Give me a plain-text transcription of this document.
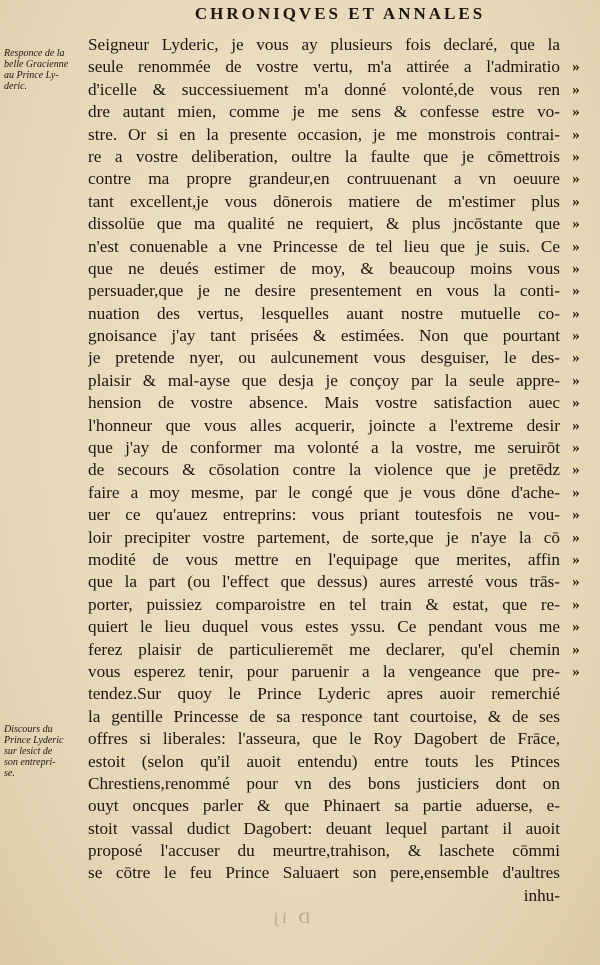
CHRONIQVES ET ANNALES
Responce de la
belle Gracienne
au Prince Ly-
deric.
Discours du
Prince Lyderic
sur lesict de
son entrepri-
se.
Seigneur Lyderic, je vous ay plusieurs fois declaré, que la
seule renommée de vostre vertu, m'a attirée a l'admiratio
d'icelle & successiuement m'a donné volonté,de vous ren
dre autant mien, comme je me sens & confesse estre vo-
stre. Or si en la presente occasion, je me monstrois contrai-
re a vostre deliberation, oultre la faulte que je cōmettrois
contre ma propre grandeur,en contruuenant a vn oeuure
tant excellent,je vous dōnerois matiere de m'estimer plus
dissolüe que ma qualité ne requiert, & plus jncōstante que
n'est conuenable a vne Princesse de tel lieu que je suis. Ce
que ne deués estimer de moy, & beaucoup moins vous
persuader,que je ne desire presentement en vous la conti-
nuation des vertus, lesquelles auant nostre mutuelle co-
gnoisance j'ay tant prisées & estimées. Non que pourtant
je pretende nyer, ou aulcunement vous desguiser, le des-
plaisir & mal-ayse que desja je conçoy par la seule appre-
hension de vostre absence. Mais vostre satisfaction auec
l'honneur que vous alles acquerir, joincte a l'extreme desir
que j'ay de conformer ma volonté a la vostre, me seruirōt
de secours & cōsolation contre la violence que je pretēdz
faire a moy mesme, par le congé que je vous dōne d'ache-
uer ce qu'auez entreprins: vous priant toutesfois ne vou-
loir precipiter vostre partement, de sorte,que je n'aye la cō
modité de vous mettre en l'equipage que merites, affin
que la part (ou l'effect que dessus) aures arresté vous trās-
porter, puissiez comparoistre en tel train & estat, que re-
quiert le lieu duquel vous estes yssu. Ce pendant vous me
ferez plaisir de particulieremēt me declarer, qu'el chemin
vous esperez tenir, pour paruenir a la vengeance que pre-
tendez.Sur quoy le Prince Lyderic apres auoir remerchié
la gentille Princesse de sa responce tant courtoise, & de ses
offres si liberales: l'asseura, que le Roy Dagobert de Frāce,
estoit (selon qu'il auoit entendu) entre touts les Ptinces
Chrestiens,renommé pour vn des bons justiciers dont on
ouyt oncques parler & que Phinaert sa partie aduerse, e-
stoit vassal dudict Dagobert: deuant lequel partant il auoit
proposé l'accuser du meurtre,trahison, & laschete cōmmi
se cōtre le feu Prince Saluaert son pere,ensemble d'aultres
inhu-
»
»
»
»
»
»
»
»
»
»
»
»
»
»
»
»
»
»
»
»
»
»
»
»
»
»
»
»
D ij
